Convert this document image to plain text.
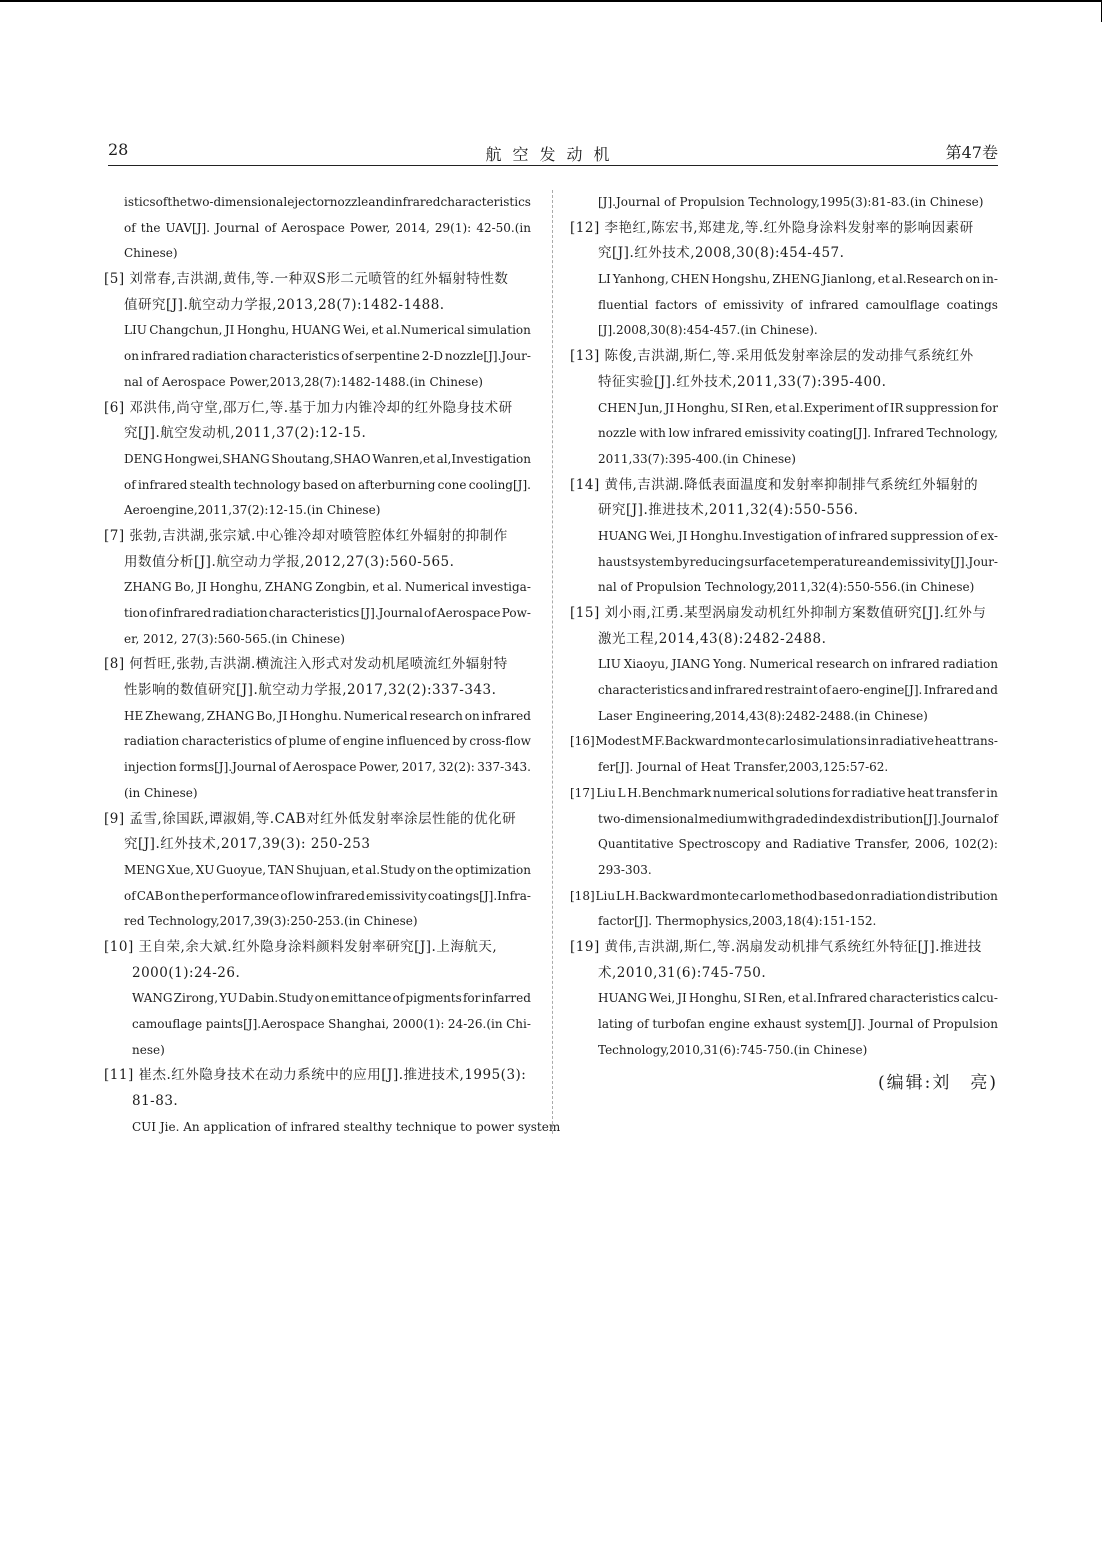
28	航空发动机	第47卷
istics of the two-dimensional ejector nozzle and infrared characteristics
of the UAV[J]. Journal of Aerospace Power, 2014, 29(1): 42-50.(in
Chinese)
[5] 刘常春,吉洪湖,黄伟,等.一种双S形二元喷管的红外辐射特性数
值研究[J].航空动力学报,2013,28(7):1482-1488.
LIU Changchun, JI Honghu, HUANG Wei, et al.Numerical simulation
on infrared radiation characteristics of serpentine 2-D nozzle[J].Jour-
nal of Aerospace Power,2013,28(7):1482-1488.(in Chinese)
[6] 邓洪伟,尚守堂,邵万仁,等.基于加力内锥冷却的红外隐身技术研
究[J].航空发动机,2011,37(2):12-15.
DENG Hongwei,SHANG Shoutang,SHAO Wanren,et al,Investigation
of infrared stealth technology based on afterburning cone cooling[J].
Aeroengine,2011,37(2):12-15.(in Chinese)
[7] 张勃,吉洪湖,张宗斌.中心锥冷却对喷管腔体红外辐射的抑制作
用数值分析[J].航空动力学报,2012,27(3):560-565.
ZHANG Bo, JI Honghu, ZHANG Zongbin, et al. Numerical investiga-
tion of infrared radiation characteristics [J].Journal of Aerospace Pow-
er, 2012, 27(3):560-565.(in Chinese)
[8] 何哲旺,张勃,吉洪湖.横流注入形式对发动机尾喷流红外辐射特
性影响的数值研究[J].航空动力学报,2017,32(2):337-343.
HE Zhewang, ZHANG Bo, JI Honghu. Numerical research on infrared
radiation characteristics of plume of engine influenced by cross-flow
injection forms[J].Journal of Aerospace Power, 2017, 32(2): 337-343.
(in Chinese)
[9] 孟雪,徐国跃,谭淑娟,等.CAB对红外低发射率涂层性能的优化研
究[J].红外技术,2017,39(3): 250-253
MENG Xue, XU Guoyue, TAN Shujuan, et al.Study on the optimization
of CAB on the performance of low infrared emissivity coatings[J].Infra-
red Technology,2017,39(3):250-253.(in Chinese)
[10] 王自荣,余大斌.红外隐身涂料颜料发射率研究[J].上海航天,
2000(1):24-26.
WANG Zirong, YU Dabin.Study on emittance of pigments for infarred
camouflage paints[J].Aerospace Shanghai, 2000(1): 24-26.(in Chi-
nese)
[11] 崔杰.红外隐身技术在动力系统中的应用[J].推进技术,1995(3):
81-83.
CUI Jie. An application of infrared stealthy technique to power system
[J].Journal of Propulsion Technology,1995(3):81-83.(in Chinese)
[12] 李艳红,陈宏书,郑建龙,等.红外隐身涂料发射率的影响因素研
究[J].红外技术,2008,30(8):454-457.
LI Yanhong, CHEN Hongshu, ZHENG Jianlong, et al.Research on in-
fluential factors of emissivity of infrared camoulflage coatings
[J].2008,30(8):454-457.(in Chinese).
[13] 陈俊,吉洪湖,斯仁,等.采用低发射率涂层的发动排气系统红外
特征实验[J].红外技术,2011,33(7):395-400.
CHEN Jun, JI Honghu, SI Ren, et al.Experiment of IR suppression for
nozzle with low infrared emissivity coating[J]. Infrared Technology,
2011,33(7):395-400.(in Chinese)
[14] 黄伟,吉洪湖.降低表面温度和发射率抑制排气系统红外辐射的
研究[J].推进技术,2011,32(4):550-556.
HUANG Wei, JI Honghu.Investigation of infrared suppression of ex-
haust system by reducing surface temperature and emissivity[J].Jour-
nal of Propulsion Technology,2011,32(4):550-556.(in Chinese)
[15] 刘小雨,江勇.某型涡扇发动机红外抑制方案数值研究[J].红外与
激光工程,2014,43(8):2482-2488.
LIU Xiaoyu, JIANG Yong. Numerical research on infrared radiation
characteristics and infrared restraint of aero-engine[J]. Infrared and
Laser Engineering,2014,43(8):2482-2488.(in Chinese)
[16] Modest M F.Backward monte carlo simulations in radiative heat trans-
fer[J]. Journal of Heat Transfer,2003,125:57-62.
[17] Liu L H.Benchmark numerical solutions for radiative heat transfer in
two-dimensional medium with graded index distribution[J]. Journal of
Quantitative Spectroscopy and Radiative Transfer, 2006, 102(2):
293-303.
[18] Liu L H.Backward monte carlo method based on radiation distribution
factor[J]. Thermophysics,2003,18(4):151-152.
[19] 黄伟,吉洪湖,斯仁,等.涡扇发动机排气系统红外特征[J].推进技
术,2010,31(6):745-750.
HUANG Wei, JI Honghu, SI Ren, et al.Infrared characteristics calcu-
lating of turbofan engine exhaust system[J]. Journal of Propulsion
Technology,2010,31(6):745-750.(in Chinese)
(编辑:刘　亮)
